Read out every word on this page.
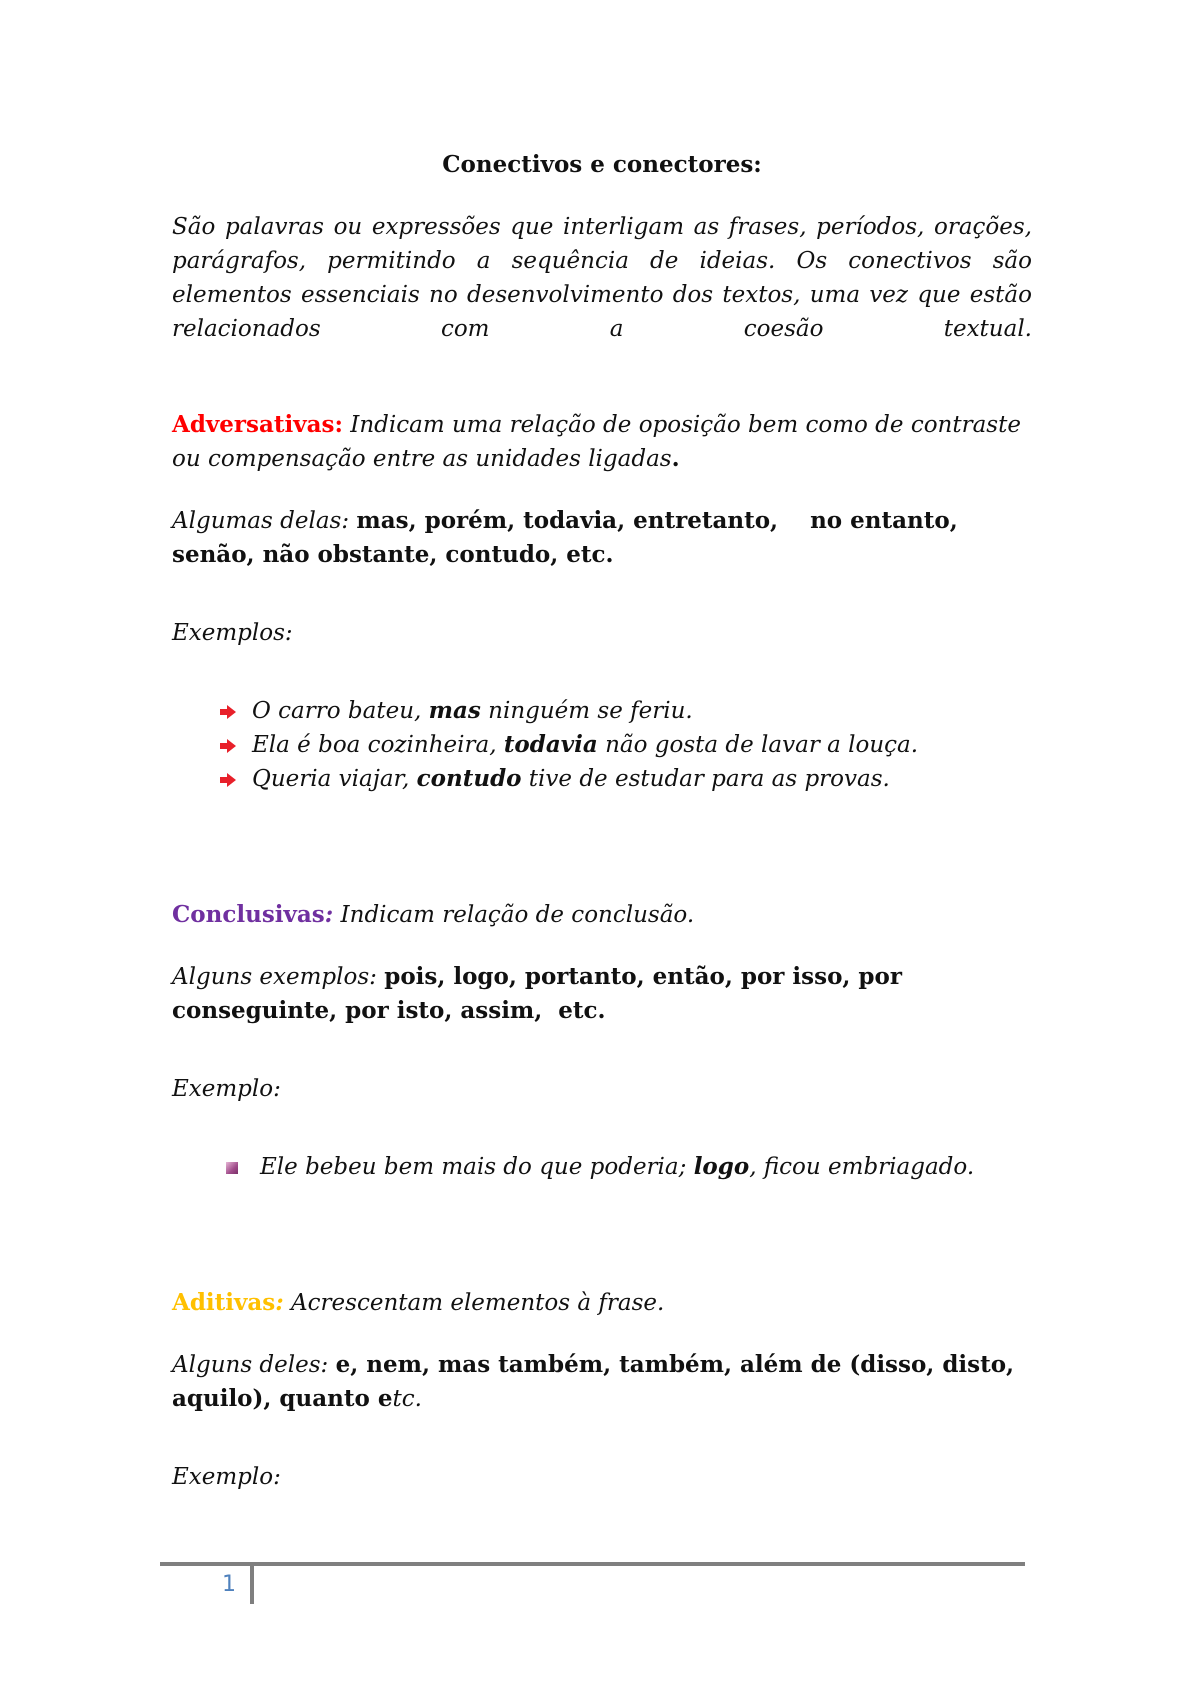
Conectivos e conectores:

São palavras ou expressões que interligam as frases, períodos, orações, parágrafos, permitindo a sequência de ideias. Os conectivos são elementos essenciais no desenvolvimento dos textos, uma vez que estão relacionados com a coesão textual.

Adversativas: Indicam uma relação de oposição bem como de contraste ou compensação entre as unidades ligadas.

Algumas delas: mas, porém, todavia, entretanto,    no entanto, senão, não obstante, contudo, etc.

Exemplos:

O carro bateu, mas ninguém se feriu.
Ela é boa cozinheira, todavia não gosta de lavar a louça.
Queria viajar, contudo tive de estudar para as provas.

Conclusivas: Indicam relação de conclusão.

Alguns exemplos: pois, logo, portanto, então, por isso, por conseguinte, por isto, assim,  etc.

Exemplo:

Ele bebeu bem mais do que poderia; logo, ficou embriagado.

Aditivas: Acrescentam elementos à frase.

Alguns deles: e, nem, mas também, também, além de (disso, disto, aquilo), quanto etc.

Exemplo:

1
